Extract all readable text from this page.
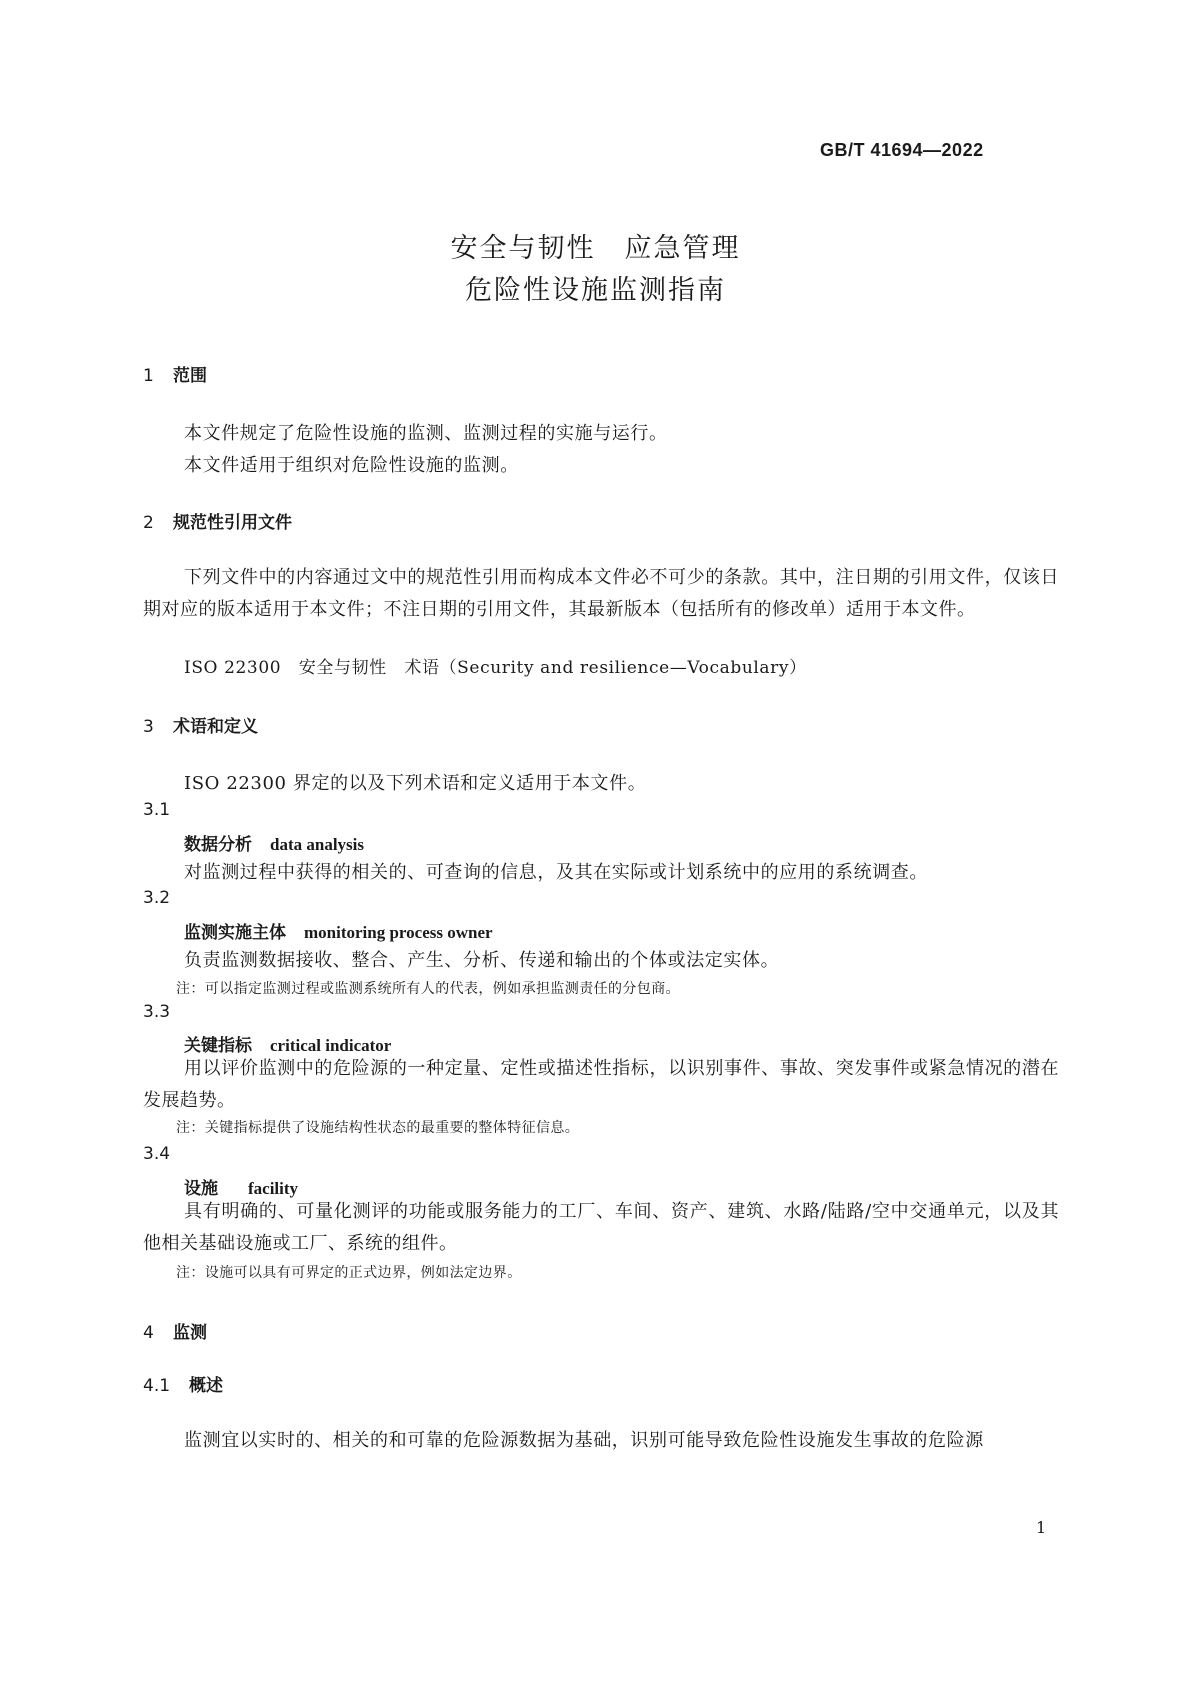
GB/T 41694—2022
安全与韧性　应急管理
危险性设施监测指南
1 范围
本文件规定了危险性设施的监测、监测过程的实施与运行。
本文件适用于组织对危险性设施的监测。
2 规范性引用文件
下列文件中的内容通过文中的规范性引用而构成本文件必不可少的条款。其中，注日期的引用文件，仅该日期对应的版本适用于本文件；不注日期的引用文件，其最新版本（包括所有的修改单）适用于本文件。
ISO 22300　安全与韧性　术语（Security and resilience—Vocabulary）
3 术语和定义
ISO 22300 界定的以及下列术语和定义适用于本文件。
3.1
数据分析 data analysis
对监测过程中获得的相关的、可查询的信息，及其在实际或计划系统中的应用的系统调查。
3.2
监测实施主体 monitoring process owner
负责监测数据接收、整合、产生、分析、传递和输出的个体或法定实体。
注：可以指定监测过程或监测系统所有人的代表，例如承担监测责任的分包商。
3.3
关键指标 critical indicator
用以评价监测中的危险源的一种定量、定性或描述性指标，以识别事件、事故、突发事件或紧急情况的潜在发展趋势。
注：关键指标提供了设施结构性状态的最重要的整体特征信息。
3.4
设施 facility
具有明确的、可量化测评的功能或服务能力的工厂、车间、资产、建筑、水路/陆路/空中交通单元，以及其他相关基础设施或工厂、系统的组件。
注：设施可以具有可界定的正式边界，例如法定边界。
4 监测
4.1 概述
监测宜以实时的、相关的和可靠的危险源数据为基础，识别可能导致危险性设施发生事故的危险源
1
